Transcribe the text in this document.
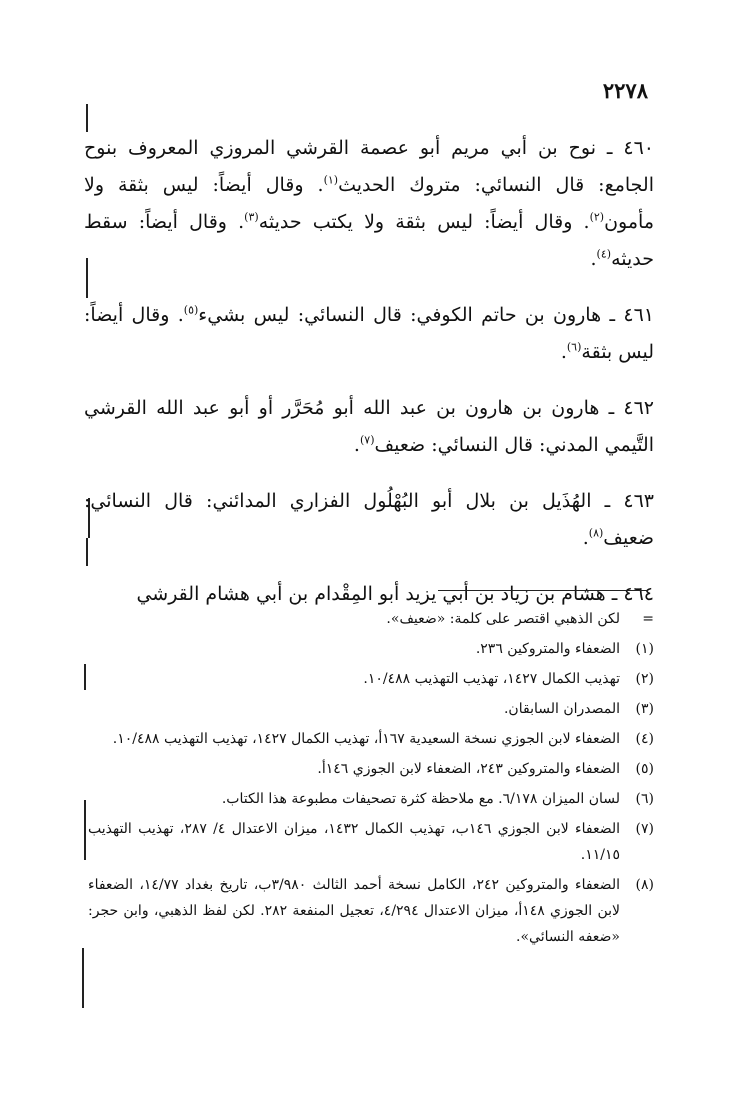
٢٢٧٨

٤٦٠ ـ نوح بن أبي مريم أبو عصمة القرشي المروزي المعروف بنوح الجامع: قال النسائي: متروك الحديث$^{(١)}$. وقال أيضاً: ليس بثقة ولا مأمون$^{(٢)}$. وقال أيضاً: ليس بثقة ولا يكتب حديثه$^{(٣)}$. وقال أيضاً: سقط حديثه$^{(٤)}$.

٤٦١ ـ هارون بن حاتم الكوفي: قال النسائي: ليس بشيء$^{(٥)}$. وقال أيضاً: ليس بثقة$^{(٦)}$.

٤٦٢ ـ هارون بن هارون بن عبد الله أبو مُحَرَّر أو أبو عبد الله القرشي التَّيمي المدني: قال النسائي: ضعيف$^{(٧)}$.

٤٦٣ ـ الهُذَيل بن بلال أبو البُهْلُول الفزاري المدائني: قال النسائي: ضعيف$^{(٨)}$.

٤٦٤ ـ هشام بن زياد بن أبي يزيد أبو المِقْدام بن أبي هشام القرشي

=
لكن الذهبي اقتصر على كلمة: «ضعيف».
(١)
الضعفاء والمتروكين ٢٣٦.
(٢)
تهذيب الكمال ١٤٢٧، تهذيب التهذيب ١٠/٤٨٨.
(٣)
المصدران السابقان.
(٤)
الضعفاء لابن الجوزي نسخة السعيدية ١٦٧أ، تهذيب الكمال ١٤٢٧، تهذيب التهذيب ١٠/٤٨٨.
(٥)
الضعفاء والمتروكين ٢٤٣، الضعفاء لابن الجوزي ١٤٦أ.
(٦)
لسان الميزان ٦/١٧٨. مع ملاحظة كثرة تصحيفات مطبوعة هذا الكتاب.
(٧)
الضعفاء لابن الجوزي ١٤٦ب، تهذيب الكمال ١٤٣٢، ميزان الاعتدال ٤/ ٢٨٧، تهذيب التهذيب ١١/١٥.
(٨)
الضعفاء والمتروكين ٢٤٢، الكامل نسخة أحمد الثالث ٣/٩٨٠ب، تاريخ بغداد ١٤/٧٧، الضعفاء لابن الجوزي ١٤٨أ، ميزان الاعتدال ٤/٢٩٤، تعجيل المنفعة ٢٨٢. لكن لفظ الذهبي، وابن حجر: «ضعفه النسائي».
